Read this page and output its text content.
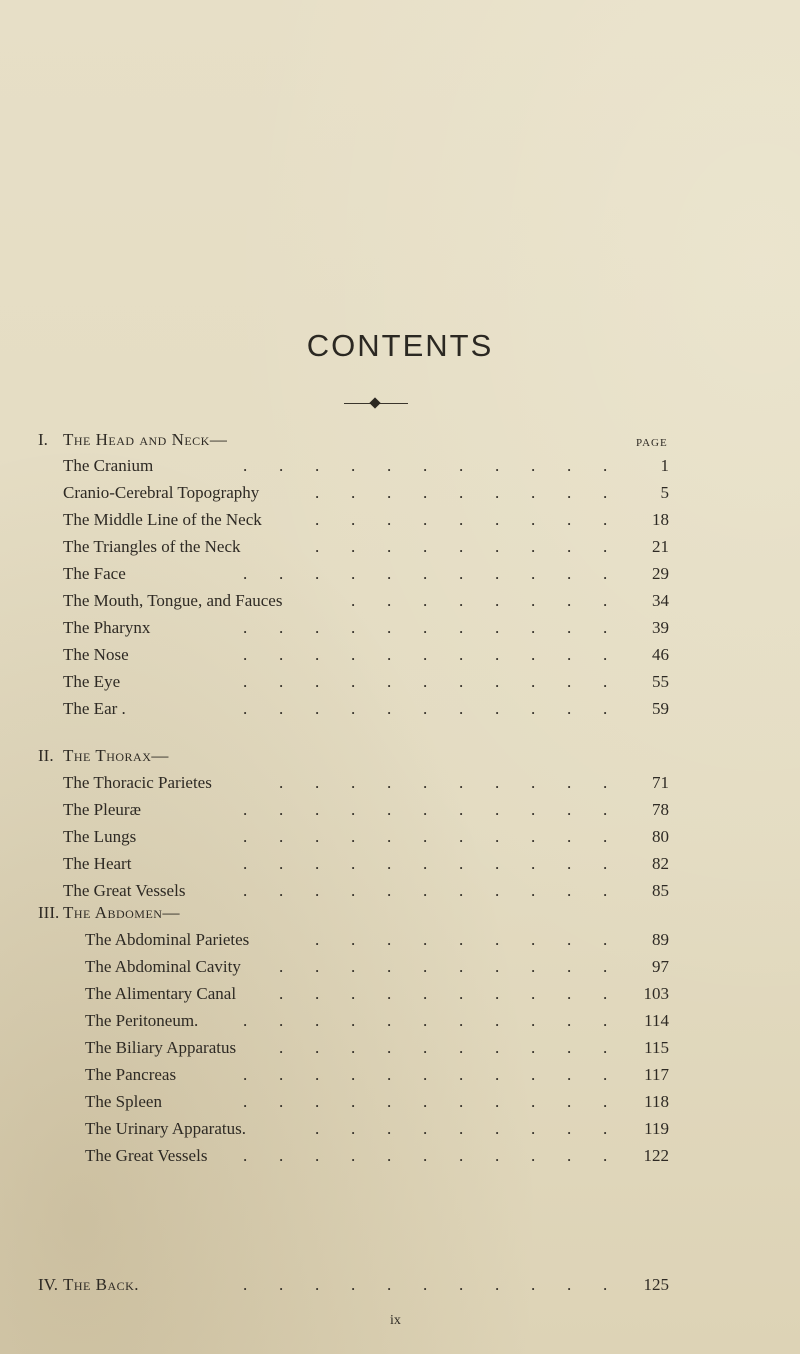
CONTENTS
PAGE
I. The Head and Neck—
The Cranium	. . . . . . . . . . .	1
Cranio-Cerebral Topography	. . . . . . . . .	5
The Middle Line of the Neck	. . . . . . . . .	18
The Triangles of the Neck	. . . . . . . . .	21
The Face	. . . . . . . . . . .	29
The Mouth, Tongue, and Fauces	. . . . . . . .	34
The Pharynx	. . . . . . . . . . .	39
The Nose	. . . . . . . . . . .	46
The Eye	. . . . . . . . . . .	55
The Ear .	. . . . . . . . . . .	59
II. The Thorax—
The Thoracic Parietes	. . . . . . . . . .	71
The Pleuræ	. . . . . . . . . . .	78
The Lungs	. . . . . . . . . . .	80
The Heart	. . . . . . . . . . .	82
The Great Vessels	. . . . . . . . . . .	85
III. The Abdomen—
The Abdominal Parietes	. . . . . . . . .	89
The Abdominal Cavity . . . . . . . . . .	97
The Alimentary Canal	. . . . . . . . . . 103
The Peritoneum.	. . . . . . . . . . . 114
The Biliary Apparatus	. . . . . . . . . . 115
The Pancreas	. . . . . . . . . . . 117
The Spleen	. . . . . . . . . . . 118
The Urinary Apparatus.	. . . . . . . . . 119
The Great Vessels . . . . . . . . . . . 122
IV. The Back.	. . . . . . . . . . . 125
ix
